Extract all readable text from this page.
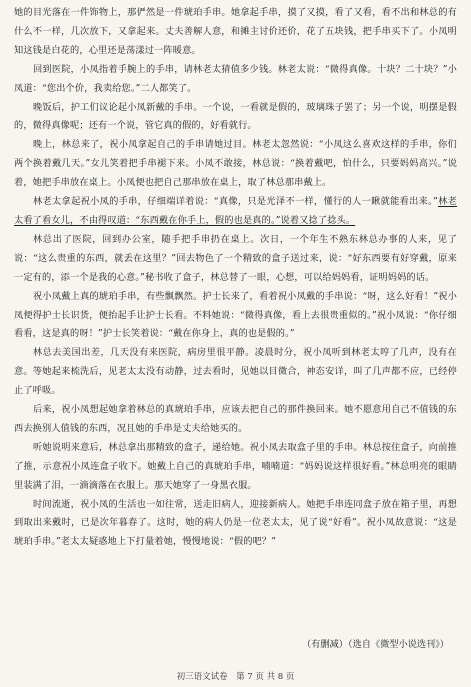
她的目光落在一件饰物上，那俨然是一件琥珀手串。她拿起手串，摸了又摸，看了又看，看不出和林总的有什么不一样，几次放下，又拿起来。丈夫善解人意，和摊主讨价还价，花了五块钱，把手串买下了。小凤明知这钱是白花的，心里还是荡漾过一阵暖意。

回到医院，小凤指着手腕上的手串，请林老太猜值多少钱。林老太说：“微得真像。十块？二十块？”小凤道：“您出个价，我卖给您。”二人都笑了。

晚饭后，护工们议论起小凤新戴的手串。一个说，一看就是假的，玻璃珠子罢了；另一个说，明摆是假的，微得真像呢；还有一个说，管它真的假的，好看就行。

晚上，林总来了，祝小凤拿起自己的手串请她过目。林老太忽然说：“小凤这么喜欢这样的手串，你们两个换着戴几天。”女儿笑着把手串褪下来。小凤不敢接，林总说：“换着戴吧，怕什么，只要妈妈高兴。”说着，她把手串放在桌上。小凤便也把自己那串放在桌上，取了林总那串戴上。

林老太拿起祝小凤的手串，仔细端详着说：“真像，只是光泽不一样，懂行的人一瞅就能看出来。”林老太看了看女儿，不由得叹道：“东西戴在你手上，假的也是真的。”说着又捻了捻头。

林总出了医院，回到办公室，随手把手串扔在桌上。次日，一个年生不熟东林总办事的人来，见了说：“这么贵重的东西，就丢在这里？”回去物色了一个精致的盒子送过来，说：“好东西要有好穿戴，原来一定有的，添一个是我的心意。”秘书收了盒子，林总替了一眼，心想，可以给妈妈看，证明妈妈的话。

祝小凤戴上真的琥珀手串，有些飘飘然。护士长来了，看着祝小凤戴的手串说：“呀，这么好看！”祝小凤便得护士长识货，便抬起手让护士长看。不料她说：“微得真像，看上去很贵重似的。”祝小凤说：“你仔细看看，这是真的呀！”护士长笑着说：“戴在你身上，真的也是假的。”

林总去美国出差，几天没有来医院，病房里很平静。凌晨时分，祝小凤听到林老太哼了几声，没有在意。等她起来梳洗后，见老太太没有动静，过去看时，见她以目微合，神态安详，叫了几声都不应，已经停止了呼吸。

后来，祝小凤想起她拿着林总的真琥珀手串，应该去把自己的那件换回来。她不愿意用自己不值钱的东西去换别人值钱的东西，况且她的手串是丈夫给她买的。

听她说明来意后，林总拿出那精致的盒子，递给她。祝小凤去取盒子里的手串。林总按住盒子，向前推了推，示意祝小凤连盒子收下。她戴上自己的真琥珀手串，喃喃道：“妈妈说这样很好看。”林总明亮的眼睛里装满了泪，一滴滴落在衣服上。那天她穿了一身黑衣服。

时间流逝，祝小凤的生活也一如往常，送走旧病人，迎接新病人。她把手串连同盒子放在箱子里，再想到取出来戴时，已是次年暮春了。这时，她的病人仍是一位老太太，见了说“好看”。祝小凤故意说：“这是琥珀手串。”老太太疑惑地上下打量着她，慢慢地说：“假的吧？”

（有删减）（选自《微型小说选刊》）

初三语文试卷　第 7 页 共 8 页
